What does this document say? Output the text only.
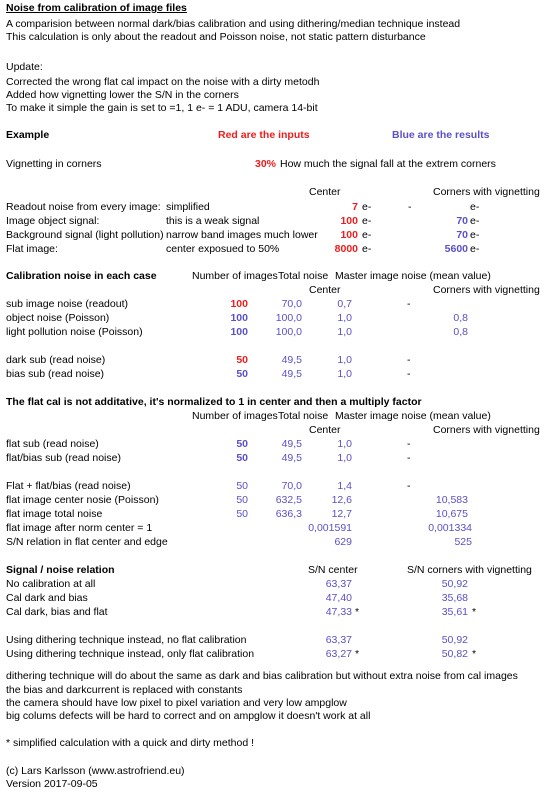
Noise from calibration of image files
A comparision between normal dark/bias calibration and using dithering/median technique instead
This calculation is only about the readout and Poisson noise, not static pattern disturbance
Update:
Corrected the wrong flat cal impact on the noise with a dirty metodh
Added how vignetting lower the S/N in the corners
To make it simple the gain is set to =1, 1 e- = 1 ADU, camera 14-bit
Example	Red are the inputs	Blue are the results
Vignetting in corners	30% How much the signal fall at the extrem corners
Center	Corners with vignetting
Readout noise from every image: simplified	7 e-	-	e-
Image object signal:	this is a weak signal	100 e-	70 e-
Background signal (light pollution) narrow band images much lower	100 e-	70 e-
Flat image:	center exposued to 50%	8000 e-	5600 e-
Calibration noise in each case	Number of images Total noise Master image noise (mean value)
Center	Corners with vignetting
sub image noise (readout)	100	70,0	0,7	-
object noise (Poisson)	100	100,0	1,0	0,8
light pollution noise (Poisson)	100	100,0	1,0	0,8
dark sub (read noise)	50	49,5	1,0	-
bias sub (read noise)	50	49,5	1,0	-
The flat cal is not additative, it's normalized to 1 in center and then a multiply factor
Number of images Total noise Master image noise (mean value)
Center	Corners with vignetting
flat sub (read noise)	50	49,5	1,0	-
flat/bias sub (read noise)	50	49,5	1,0	-
Flat + flat/bias (read noise)	50	70,0	1,4	-
flat image center nosie (Poisson)	50	632,5	12,6	10,583
flat image total noise	50	636,3	12,7	10,675
flat image after norm center = 1	0,001591	0,001334
S/N relation in flat center and edge	629	525
Signal / noise relation	S/N center	S/N corners with vignetting
No calibration at all	63,37	50,92
Cal dark and bias	47,40	35,68
Cal dark, bias and flat	47,33 *	35,61 *
Using dithering technique instead, no flat calibration	63,37	50,92
Using dithering technique instead, only flat calibration	63,27 *	50,82 *
dithering technique will do about the same as dark and bias calibration but without extra noise from cal images
the bias and darkcurrent is replaced with constants
the camera should have low pixel to pixel variation and very low ampglow
big colums defects will be hard to correct and on ampglow it doesn't work at all
* simplified calculation with a quick and dirty method !
(c) Lars Karlsson (www.astrofriend.eu)
Version 2017-09-05
